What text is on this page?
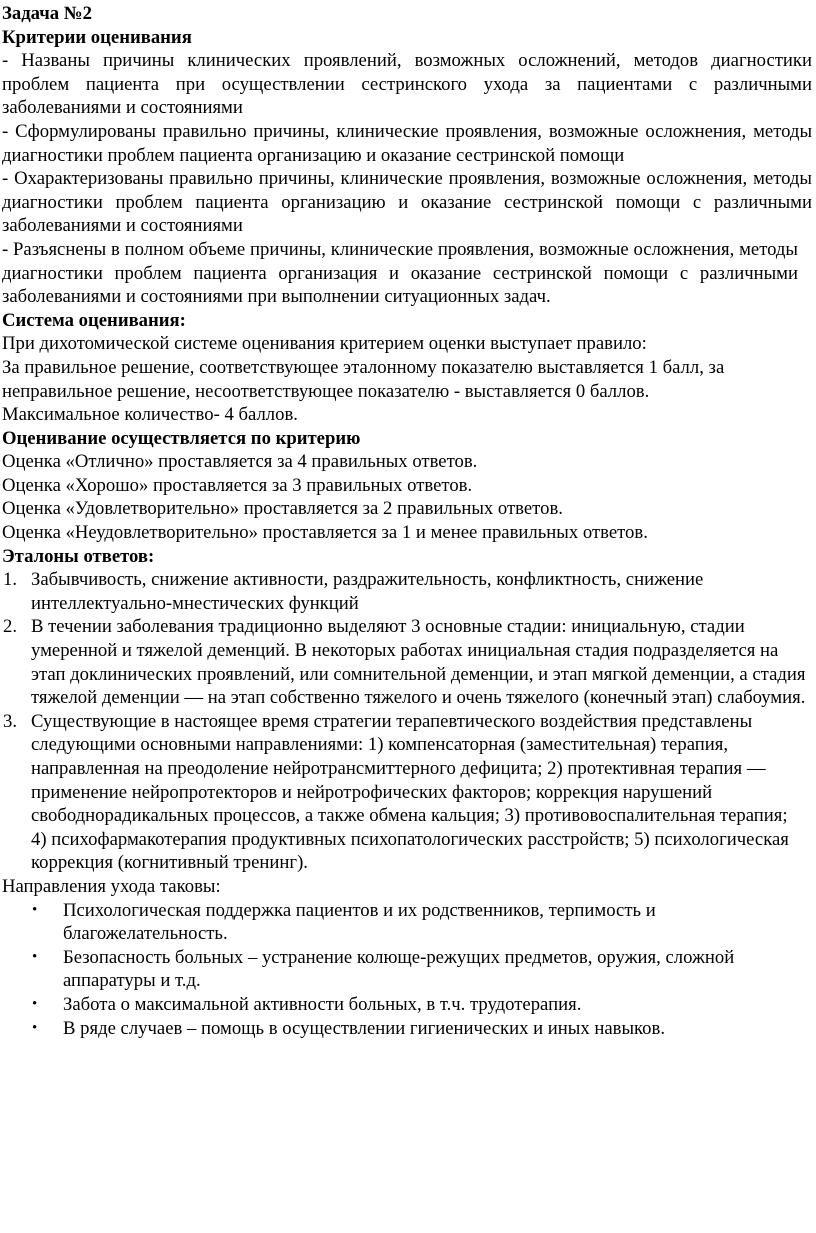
Задача №2

Критерии оценивания

- Названы причины клинических проявлений, возможных осложнений, методов диагностики проблем пациента при осуществлении сестринского ухода за пациентами с различными заболеваниями и состояниями

- Сформулированы правильно причины, клинические проявления, возможные осложнения, методы диагностики проблем пациента организацию и оказание сестринской помощи

- Охарактеризованы правильно причины, клинические проявления, возможные осложнения, методы диагностики проблем пациента организацию и оказание сестринской помощи с различными заболеваниями и состояниями

- Разъяснены в полном объеме причины, клинические проявления, возможные осложнения, методы диагностики проблем пациента организация и оказание сестринской помощи с различными заболеваниями и состояниями при выполнении ситуационных задач.

Система оценивания:

При дихотомической системе оценивания критерием оценки выступает правило:

За правильное решение, соответствующее эталонному показателю выставляется 1 балл, за неправильное решение, несоответствующее показателю - выставляется 0 баллов.

Максимальное количество- 4 баллов.

Оценивание осуществляется по критерию

Оценка «Отлично» проставляется за 4 правильных ответов.

Оценка «Хорошо» проставляется за 3 правильных ответов.

Оценка «Удовлетворительно» проставляется за 2 правильных ответов.

Оценка «Неудовлетворительно» проставляется за 1 и менее правильных ответов.

Эталоны ответов:

1. Забывчивость, снижение активности, раздражительность, конфликтность, снижение интеллектуально-мнестических функций
2. В течении заболевания традиционно выделяют 3 основные стадии: инициальную, стадии умеренной и тяжелой деменций. В некоторых работах инициальная стадия подразделяется на этап доклинических проявлений, или сомнительной деменции, и этап мягкой деменции, а стадия тяжелой деменции — на этап собственно тяжелого и очень тяжелого (конечный этап) слабоумия.
3. Существующие в настоящее время стратегии терапевтического воздействия представлены следующими основными направлениями: 1) компенсаторная (заместительная) терапия, направленная на преодоление нейротрансмиттерного дефицита; 2) протективная терапия — применение нейропротекторов и нейротрофических факторов; коррекция нарушений свободнорадикальных процессов, а также обмена кальция; 3) противовоспалительная терапия; 4) психофармакотерапия продуктивных психопатологических расстройств; 5) психологическая коррекция (когнитивный тренинг).

Направления ухода таковы:

• Психологическая поддержка пациентов и их родственников, терпимость и благожелательность.
• Безопасность больных – устранение колюще-режущих предметов, оружия, сложной аппаратуры и т.д.
• Забота о максимальной активности больных, в т.ч. трудотерапия.
• В ряде случаев – помощь в осуществлении гигиенических и иных навыков.
